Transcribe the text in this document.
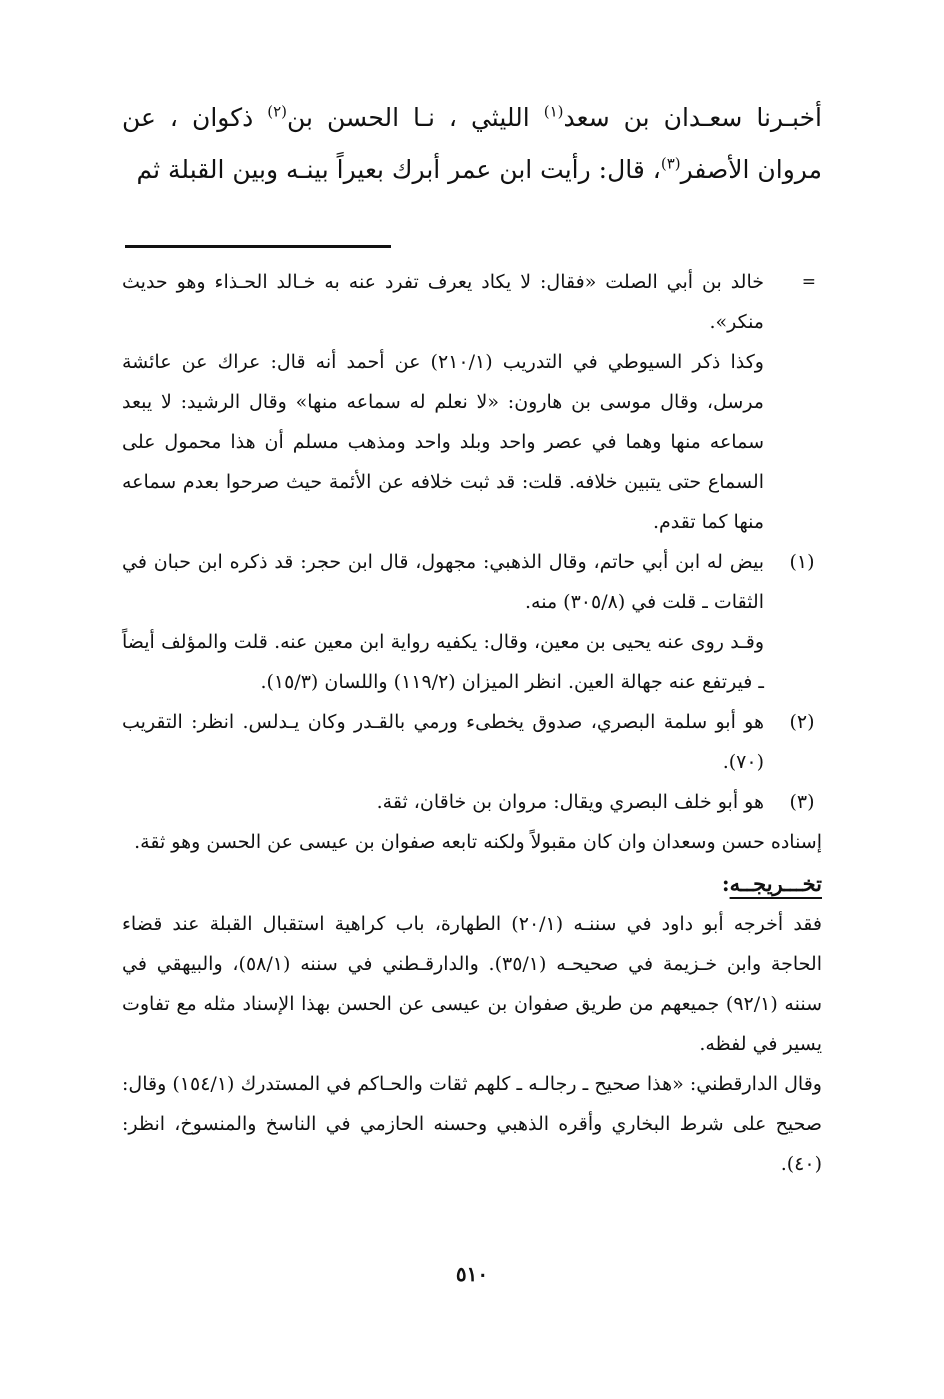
أخبـرنا سعـدان بن سعد$^{(١)}$ الليثي ، نـا الحسن بن$^{(٢)}$ ذكوان ، عن مروان الأصفر$^{(٣)}$، قال: رأيت ابن عمر أبرك بعيراً بينـه وبين القبلة ثم

=

خالد بن أبي الصلت «فقال: لا يكاد يعرف تفرد عنه به خـالد الحـذاء وهو حديث منكر».

وكذا ذكر السيوطي في التدريب (٢١٠/١) عن أحمد أنه قال: عراك عن عائشة مرسل، وقال موسى بن هارون: «لا نعلم له سماعه منها» وقال الرشيد: لا يبعد سماعه منها وهما في عصر واحد وبلد واحد ومذهب مسلم أن هذا محمول على السماع حتى يتبين خلافه. قلت: قد ثبت خلافه عن الأئمة حيث صرحوا بعدم سماعه منها كما تقدم.

(١)

بيض له ابن أبي حاتم، وقال الذهبي: مجهول، قال ابن حجر: قد ذكره ابن حبان في الثقات ـ قلت في (٣٠٥/٨) منه.

وقـد روى عنه يحيى بن معين، وقال: يكفيه رواية ابن معين عنه. قلت والمؤلف أيضاً ـ فيرتفع عنه جهالة العين. انظر الميزان (١١٩/٢) واللسان (١٥/٣).

(٢)

هو أبو سلمة البصري، صدوق يخطىء ورمي بالقـدر وكان يـدلس. انظر: التقريب (٧٠).

(٣)

هو أبو خلف البصري ويقال: مروان بن خاقان، ثقة.

إسناده حسن وسعدان وان كان مقبولاً ولكنه تابعه صفوان بن عيسى عن الحسن وهو ثقة.

تخـــريجــه:

فقد أخرجه أبو داود في سننـه (٢٠/١) الطهارة، باب كراهية استقبال القبلة عند قضاء الحاجة وابن خـزيمة في صحيحـه (٣٥/١). والدارقـطني في سننه (٥٨/١)، والبيهقي في سننه (٩٢/١) جميعهم من طريق صفوان بن عيسى عن الحسن بهذا الإسناد مثله مع تفاوت يسير في لفظه.

وقال الدارقطني: «هذا صحيح ـ رجالـه ـ كلهم ثقات والحـاكم في المستدرك (١٥٤/١) وقال: صحيح على شرط البخاري وأقره الذهبي وحسنه الحازمي في الناسخ والمنسوخ، انظر: (٤٠).

٥١٠
